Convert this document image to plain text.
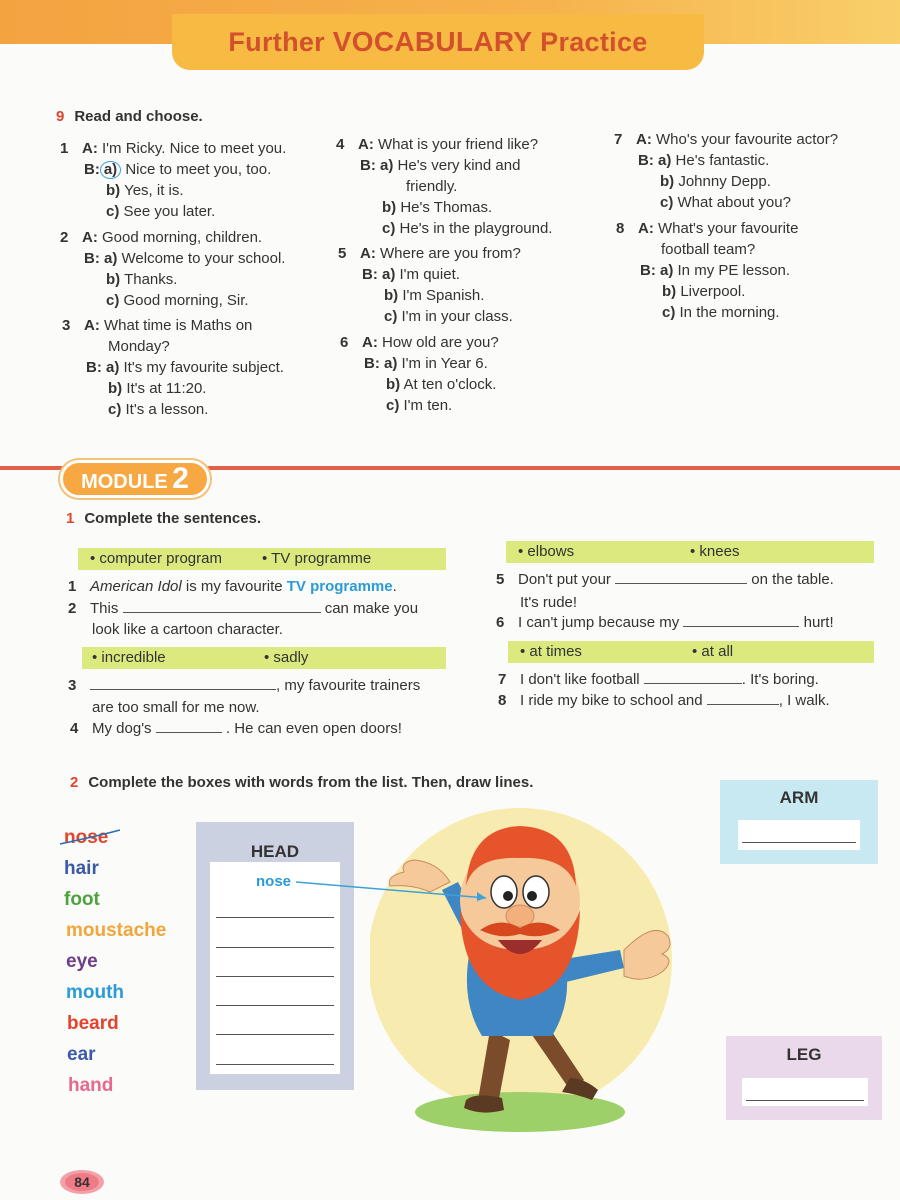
Further VOCABULARY Practice
9 Read and choose.
1 A: I'm Ricky. Nice to meet you.
B: a) Nice to meet you, too.
b) Yes, it is.
c) See you later.
2 A: Good morning, children.
B: a) Welcome to your school.
b) Thanks.
c) Good morning, Sir.
3 A: What time is Maths on
Monday?
B: a) It's my favourite subject.
b) It's at 11:20.
c) It's a lesson.
4 A: What is your friend like?
B: a) He's very kind and
friendly.
b) He's Thomas.
c) He's in the playground.
5 A: Where are you from?
B: a) I'm quiet.
b) I'm Spanish.
c) I'm in your class.
6 A: How old are you?
B: a) I'm in Year 6.
b) At ten o'clock.
c) I'm ten.
7 A: Who's your favourite actor?
B: a) He's fantastic.
b) Johnny Depp.
c) What about you?
8 A: What's your favourite
football team?
B: a) In my PE lesson.
b) Liverpool.
c) In the morning.
MODULE 2
1 Complete the sentences.
• computer program	• TV programme
1 American Idol is my favourite TV programme.
2 This	can make you
look like a cartoon character.
• incredible	• sadly
3	, my favourite trainers
are too small for me now.
4 My dog's	. He can even open doors!
• elbows	• knees
5 Don't put your	on the table.
It's rude!
6 I can't jump because my	hurt!
• at times	• at all
7 I don't like football	. It's boring.
8 I ride my bike to school and	, I walk.
2 Complete the boxes with words from the list. Then, draw lines.
nose
hair
foot
moustache
eye
mouth
beard
ear
hand
HEAD
nose
ARM
LEG
84
